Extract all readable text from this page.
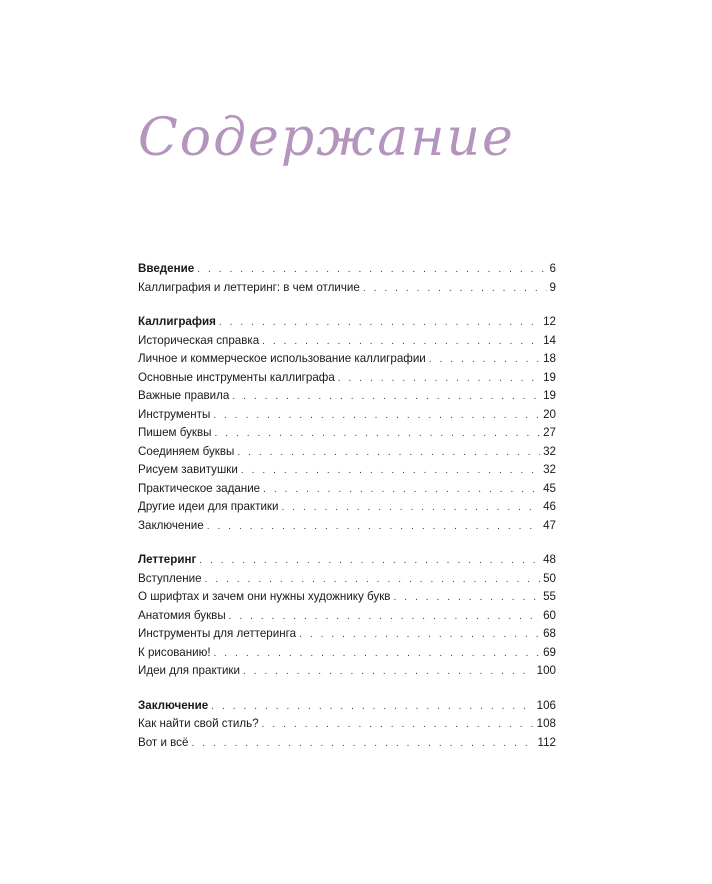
Содержание
Введение . . .	6
Каллиграфия и леттеринг: в чем отличие . . .	9
Каллиграфия . . .	12
Историческая справка . . .	14
Личное и коммерческое использование каллиграфии . . .	18
Основные инструменты каллиграфа . . .	19
Важные правила . . .	19
Инструменты . . .	20
Пишем буквы . . .	27
Соединяем буквы . . .	32
Рисуем завитушки . . .	32
Практическое задание . . .	45
Другие идеи для практики . . .	46
Заключение . . .	47
Леттеринг . . .	48
Вступление . . .	50
О шрифтах и зачем они нужны художнику букв . . .	55
Анатомия буквы . . .	60
Инструменты для леттеринга . . .	68
К рисованию! . . .	69
Идеи для практики . . .	100
Заключение . . .	106
Как найти свой стиль? . . .	108
Вот и всё . . .	112
